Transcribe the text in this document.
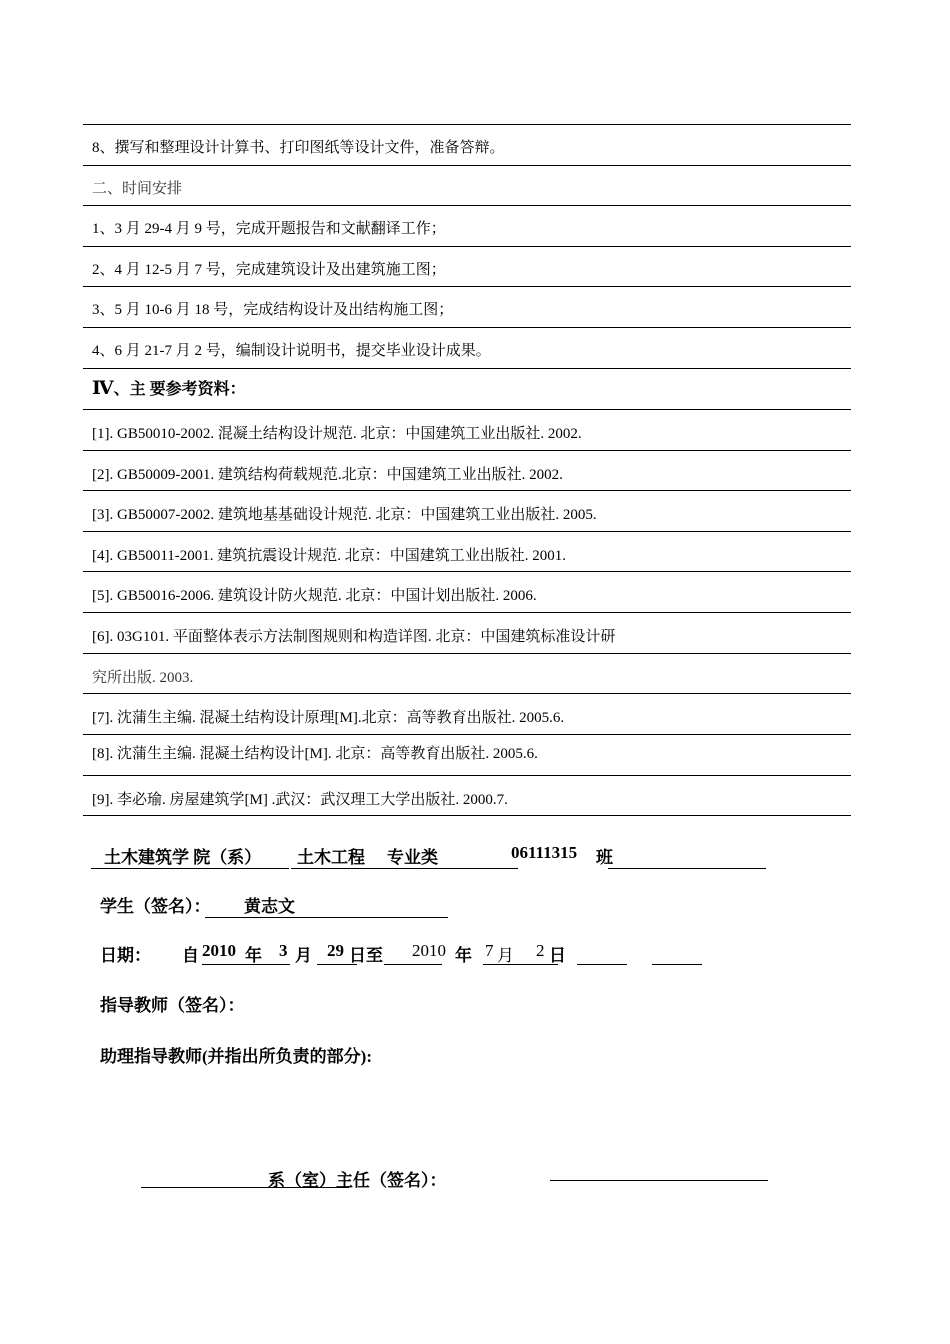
8、撰写和整理设计计算书、打印图纸等设计文件，准备答辩。
二、时间安排
1、3 月 29-4 月 9 号，完成开题报告和文献翻译工作；
2、4 月 12-5 月 7 号，完成建筑设计及出建筑施工图；
3、5 月 10-6 月 18 号，完成结构设计及出结构施工图；
4、6 月 21-7 月 2 号，编制设计说明书，提交毕业设计成果。
Ⅳ、主 要参考资料：
[1]. GB50010-2002. 混凝土结构设计规范. 北京：中国建筑工业出版社. 2002.
[2]. GB50009-2001. 建筑结构荷载规范.北京：中国建筑工业出版社. 2002.
[3]. GB50007-2002. 建筑地基基础设计规范. 北京：中国建筑工业出版社. 2005.
[4]. GB50011-2001. 建筑抗震设计规范. 北京：中国建筑工业出版社. 2001.
[5]. GB50016-2006. 建筑设计防火规范. 北京：中国计划出版社. 2006.
[6]. 03G101. 平面整体表示方法制图规则和构造详图. 北京：中国建筑标准设计研
究所出版. 2003.
[7]. 沈蒲生主编. 混凝土结构设计原理[M].北京：高等教育出版社. 2005.6.
[8]. 沈蒲生主编. 混凝土结构设计[M]. 北京：高等教育出版社. 2005.6.
[9]. 李必瑜. 房屋建筑学[M] .武汉：武汉理工大学出版社. 2000.7.
土木建筑学 院（系） 土木工程 专业类	06111315 班
学生（签名）： 黄志文
日期： 自 2010 年 3 月 29 日至 2010 年 7 月 2 日
指导教师（签名）：
助理指导教师(并指出所负责的部分):
系（室）主任（签名）：
